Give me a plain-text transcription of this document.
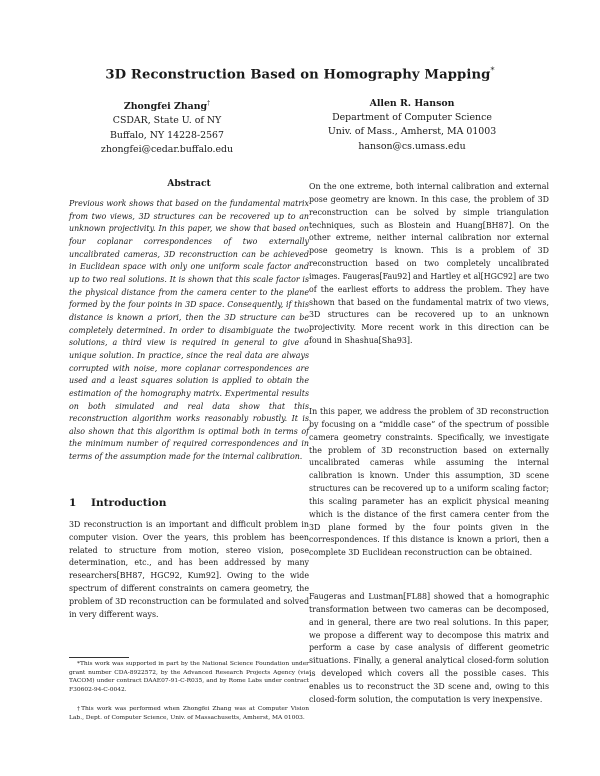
3D Reconstruction Based on Homography Mapping*
Zhongfei Zhang†
CSDAR, State U. of NY
Buffalo, NY 14228-2567
zhongfei@cedar.buffalo.edu
Allen R. Hanson
Department of Computer Science
Univ. of Mass., Amherst, MA 01003
hanson@cs.umass.edu
Abstract

Previous work shows that based on the fundamental matrix from two views, 3D structures can be recovered up to an unknown projectivity. In this paper, we show that based on four coplanar correspondences of two externally uncalibrated cameras, 3D reconstruction can be achieved in Euclidean space with only one uniform scale factor and up to two real solutions. It is shown that this scale factor is the physical distance from the camera center to the plane formed by the four points in 3D space. Consequently, if this distance is known a priori, then the 3D structure can be completely determined. In order to disambiguate the two solutions, a third view is required in general to give a unique solution. In practice, since the real data are always corrupted with noise, more coplanar correspondences are used and a least squares solution is applied to obtain the estimation of the homography matrix. Experimental results on both simulated and real data show that this reconstruction algorithm works reasonably robustly. It is also shown that this algorithm is optimal both in terms of the minimum number of required correspondences and in terms of the assumption made for the internal calibration.

1 Introduction

3D reconstruction is an important and difficult problem in computer vision. Over the years, this problem has been related to structure from motion, stereo vision, pose determination, etc., and has been addressed by many researchers[BH87, HGC92, Kum92]. Owing to the wide spectrum of different constraints on camera geometry, the problem of 3D reconstruction can be formulated and solved in very different ways.

*This work was supported in part by the National Science Foundation under grant number CDA-8922572, by the Advanced Research Projects Agency (via TACOM) under contract DAAE07-91-C-R035, and by Rome Labs under contract F30602-94-C-0042.

†This work was performed when Zhongfei Zhang was at Computer Vision Lab., Dept. of Computer Science, Univ. of Massachusetts, Amherst, MA 01003.

On the one extreme, both internal calibration and external pose geometry are known. In this case, the problem of 3D reconstruction can be solved by simple triangulation techniques, such as Blostein and Huang[BH87]. On the other extreme, neither internal calibration nor external pose geometry is known. This is a problem of 3D reconstruction based on two completely uncalibrated images. Faugeras[Fau92] and Hartley et al[HGC92] are two of the earliest efforts to address the problem. They have shown that based on the fundamental matrix of two views, 3D structures can be recovered up to an unknown projectivity. More recent work in this direction can be found in Shashua[Sha93].

In this paper, we address the problem of 3D reconstruction by focusing on a “middle case” of the spectrum of possible camera geometry constraints. Specifically, we investigate the problem of 3D reconstruction based on externally uncalibrated cameras while assuming the internal calibration is known. Under this assumption, 3D scene structures can be recovered up to a uniform scaling factor; this scaling parameter has an explicit physical meaning which is the distance of the first camera center from the 3D plane formed by the four points given in the correspondences. If this distance is known a priori, then a complete 3D Euclidean reconstruction can be obtained.

Faugeras and Lustman[FL88] showed that a homographic transformation between two cameras can be decomposed, and in general, there are two real solutions. In this paper, we propose a different way to decompose this matrix and perform a case by case analysis of different geometric situations. Finally, a general analytical closed-form solution is developed which covers all the possible cases. This enables us to reconstruct the 3D scene and, owing to this closed-form solution, the computation is very inexpensive.
